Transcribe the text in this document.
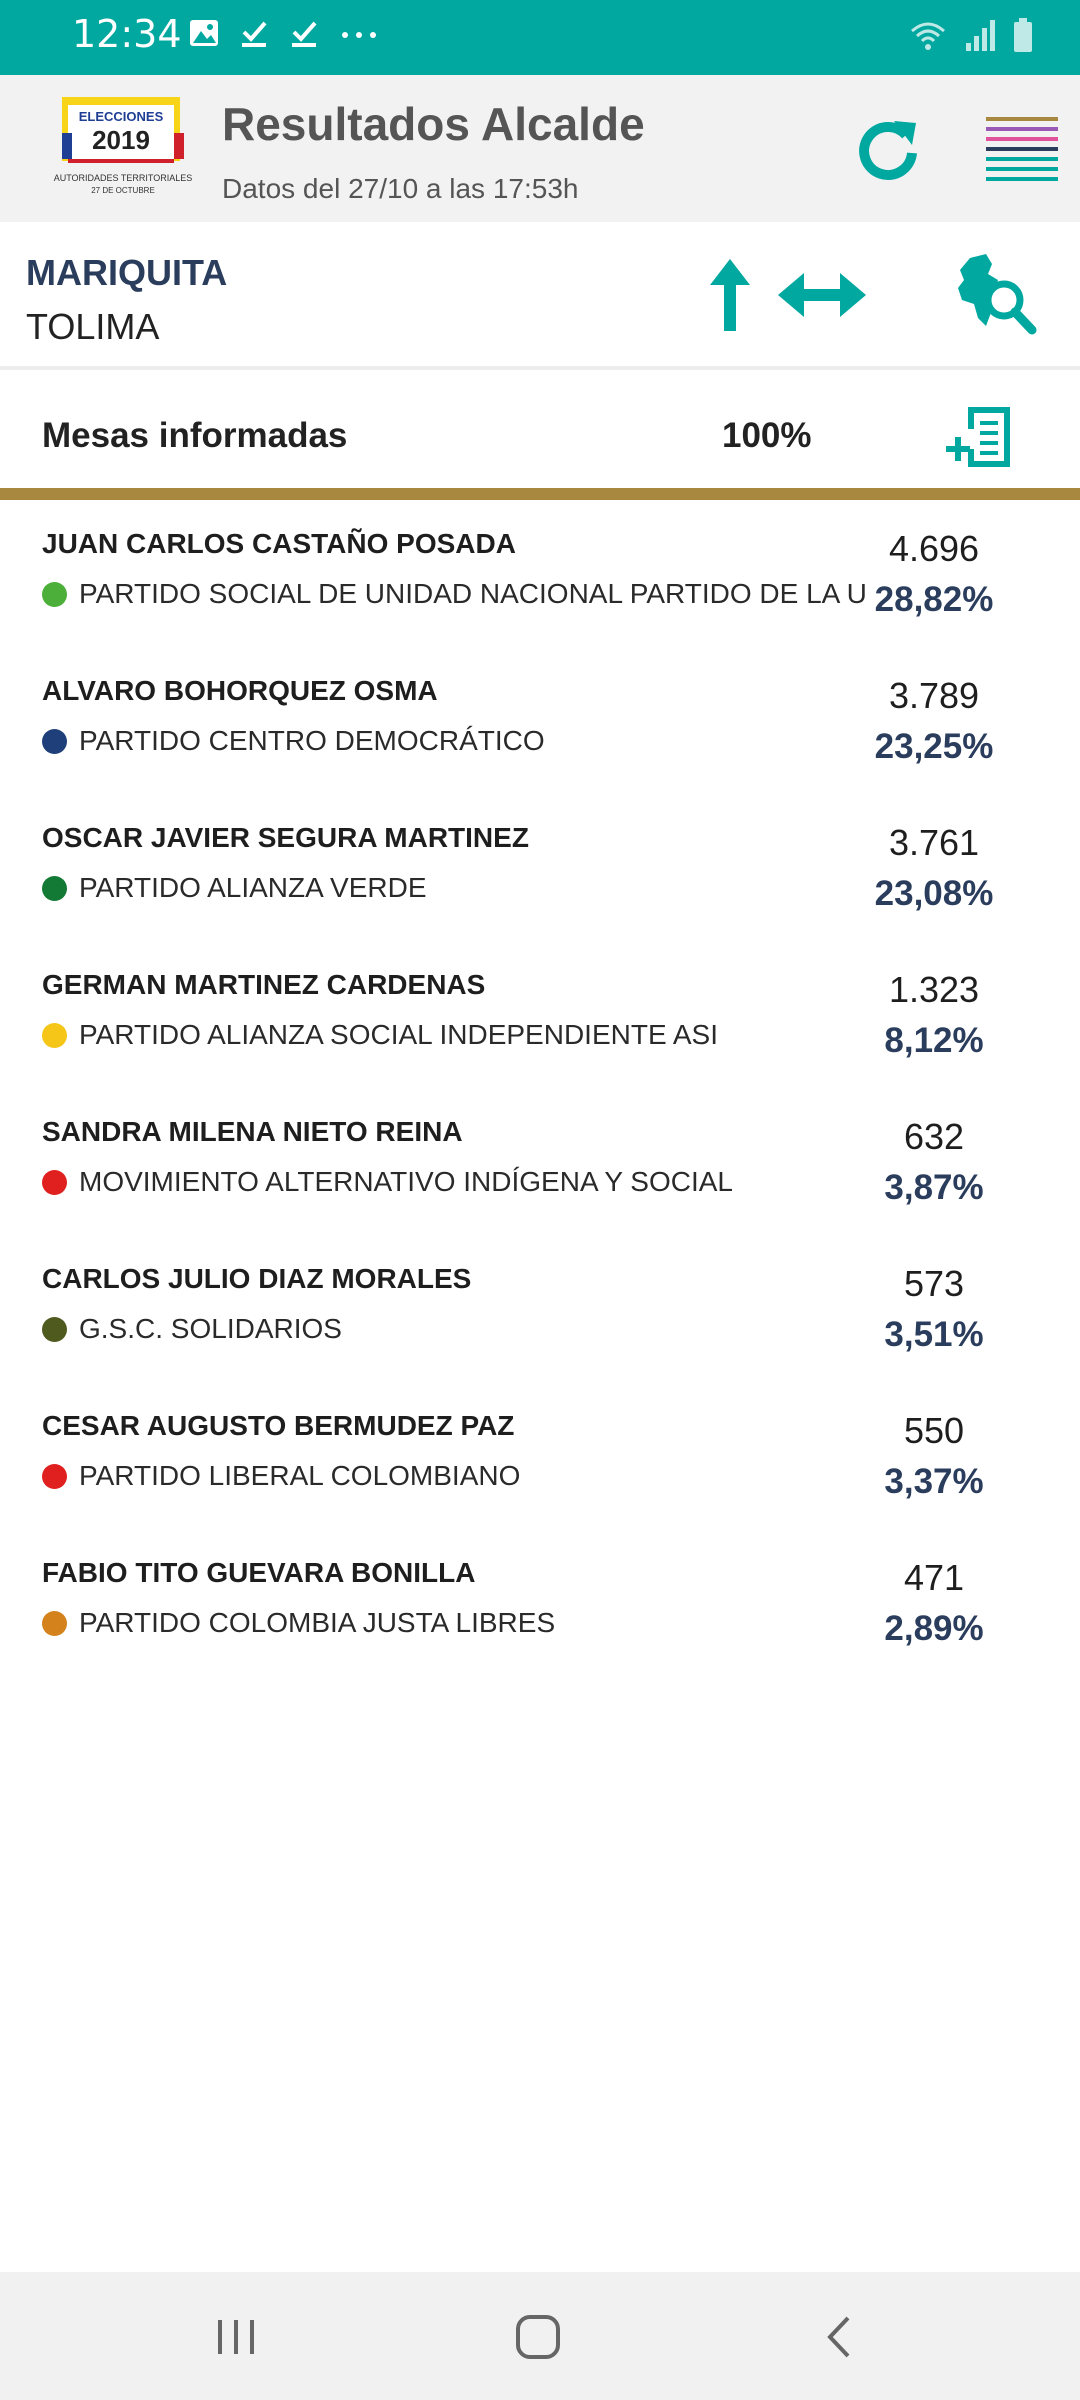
12:34
ELECCIONES
2019
AUTORIDADES TERRITORIALES
27 DE OCTUBRE
Resultados Alcalde
Datos del 27/10 a las 17:53h
MARIQUITA
TOLIMA
Mesas informadas	100%
JUAN CARLOS CASTAÑO POSADA
PARTIDO SOCIAL DE UNIDAD NACIONAL PARTIDO DE LA U
4.696
28,82%
ALVARO BOHORQUEZ OSMA
PARTIDO CENTRO DEMOCRÁTICO
3.789
23,25%
OSCAR JAVIER SEGURA MARTINEZ
PARTIDO ALIANZA VERDE
3.761
23,08%
GERMAN MARTINEZ CARDENAS
PARTIDO ALIANZA SOCIAL INDEPENDIENTE ASI
1.323
8,12%
SANDRA MILENA NIETO REINA
MOVIMIENTO ALTERNATIVO INDÍGENA Y SOCIAL
632
3,87%
CARLOS JULIO DIAZ MORALES
G.S.C. SOLIDARIOS
573
3,51%
CESAR AUGUSTO BERMUDEZ PAZ
PARTIDO LIBERAL COLOMBIANO
550
3,37%
FABIO TITO GUEVARA BONILLA
PARTIDO COLOMBIA JUSTA LIBRES
471
2,89%
